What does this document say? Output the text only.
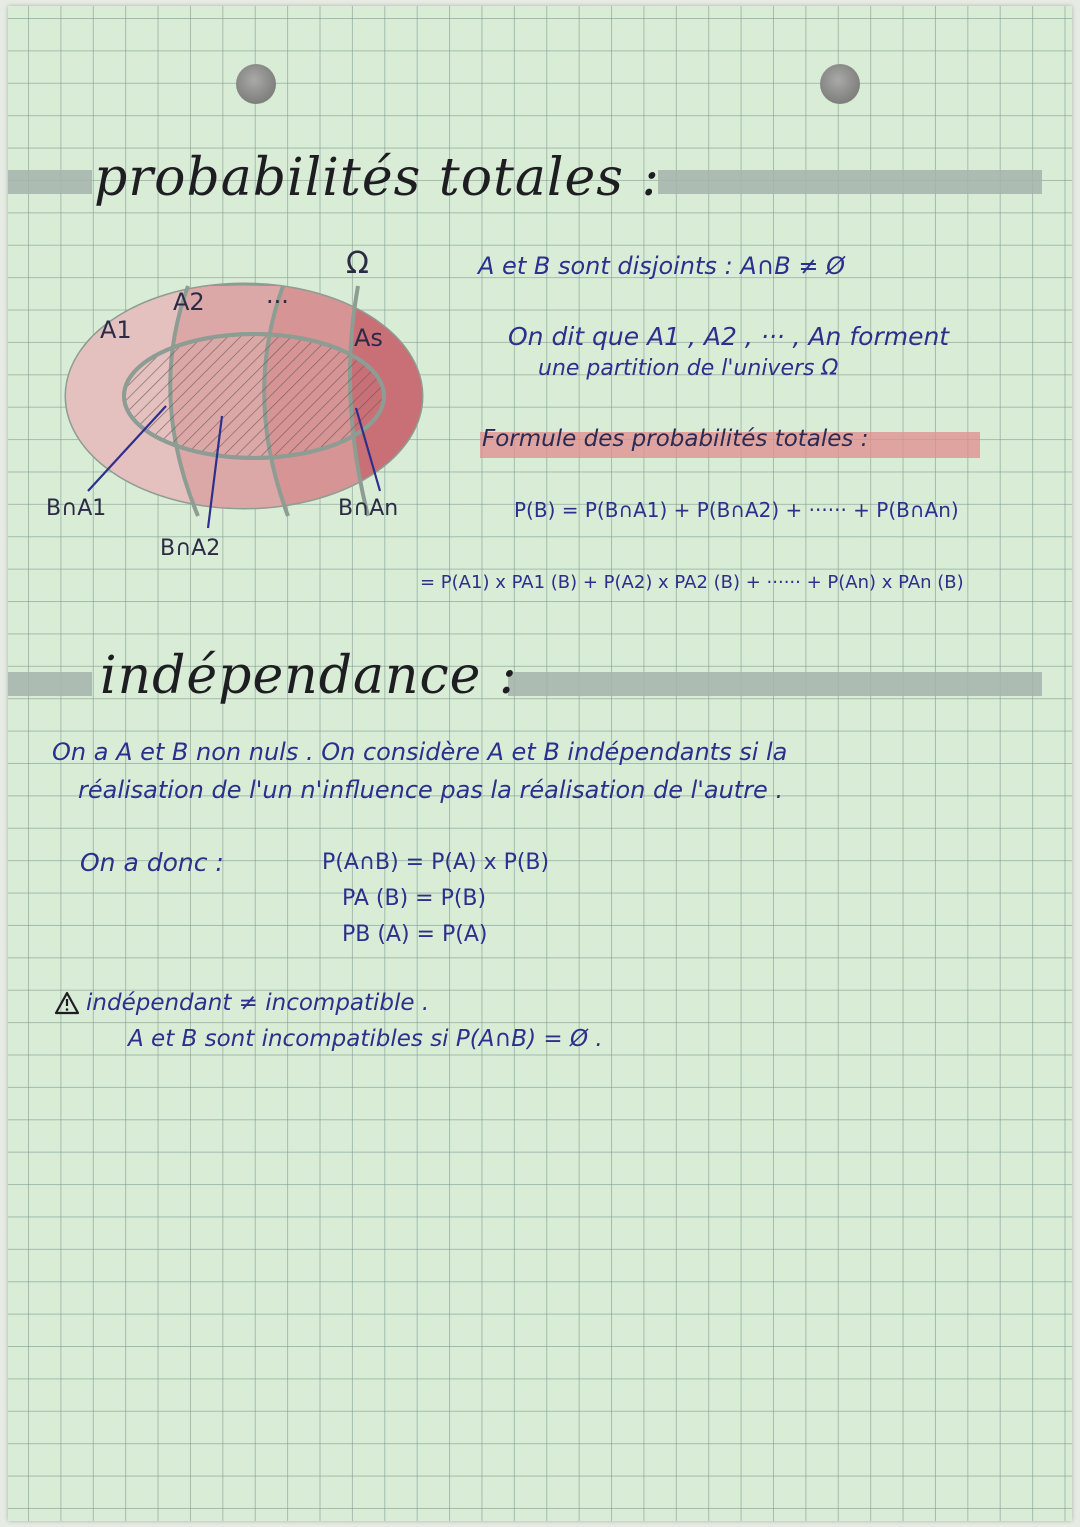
probabilités totales :
Ω
A1
A2	...
As
B∩A1
B∩A2
B∩An
A et B sont disjoints : A∩B ≠ Ø
On dit que A1 , A2 , ··· , An forment
une partition de l'univers Ω
Formule des probabilités totales :
P(B) = P(B∩A1) + P(B∩A2) + ······ + P(B∩An)
= P(A1) x PA1 (B) + P(A2) x PA2 (B) + ······ + P(An) x PAn (B)
indépendance :
On a A et B non nuls . On considère A et B indépendants si la
réalisation de l'un n'influence pas la réalisation de l'autre .
On a donc :	P(A∩B) = P(A) x P(B)
PA (B) = P(B)
PB (A) = P(A)
indépendant ≠ incompatible .
A et B sont incompatibles si P(A∩B) = Ø .
